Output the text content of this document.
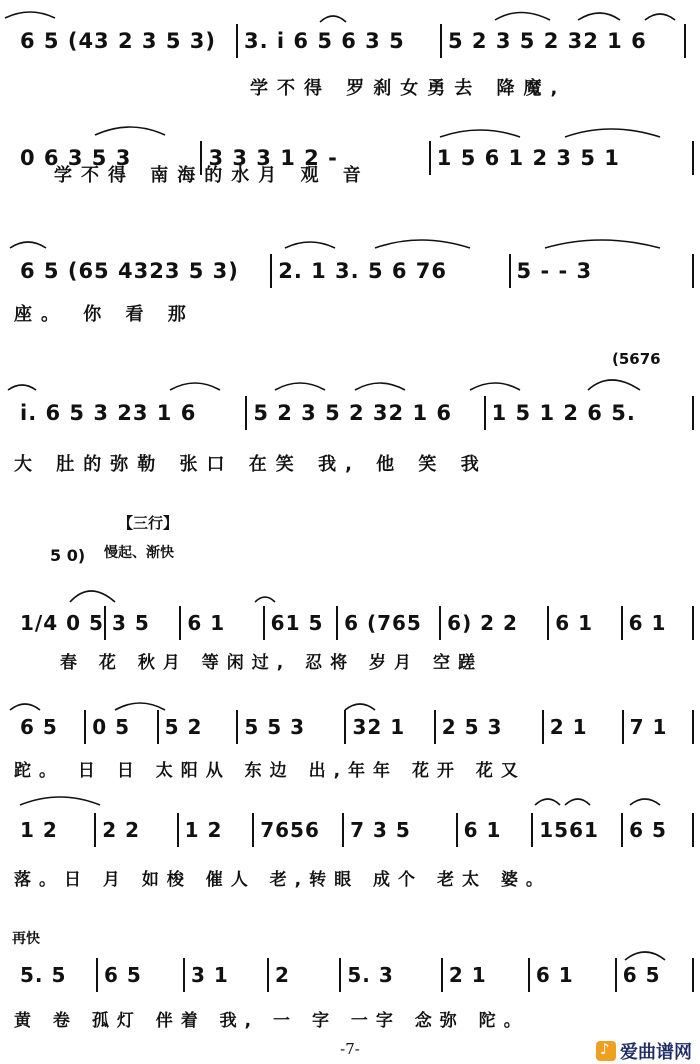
6 5 (43 2 3 5 3) 3. i 6 5 6 3 5 5 2 3 5 2 32 1 6
学不得 罗刹女勇去 降魔,
0 6 3 5 3	3 3 3 1 2 -	1 5 6 1 2 3 5 1
学不得 南海的水月 观 音
6 5 (65 4323 5 3) 2. 1 3. 5 6 76	5 - - 3
座。 你 看 那
(5676
i. 6 5 3 23 1 6	5 2 3 5 2 32 1 6 1 5 1 2 6 5.
大 肚的弥勒 张口 在笑 我, 他 笑 我
【三行】
5 0) 慢起、渐快
1/4 0 5 3 5 6 1 61 5 6 (765 6) 2 2 6 1 6 1
春 花 秋月 等闲过, 忍将 岁月 空蹉
6 5 0 5 5 2 5 5 3 32 1 2 5 3 2 1 7 1
跎。 日 日 太阳从 东边 出,年年 花开 花又
1 2 2 2 1 2 7656 7 3 5	6 1 1561 6 5
落。日 月 如梭 催人 老,转眼 成个 老太 婆。
再快
5. 5 6 5 3 1 2	5. 3	2 1 6 1 6 5
黄 卷 孤灯 伴着 我, 一 字 一字 念弥 陀。
-7-
♪	爱曲谱网
